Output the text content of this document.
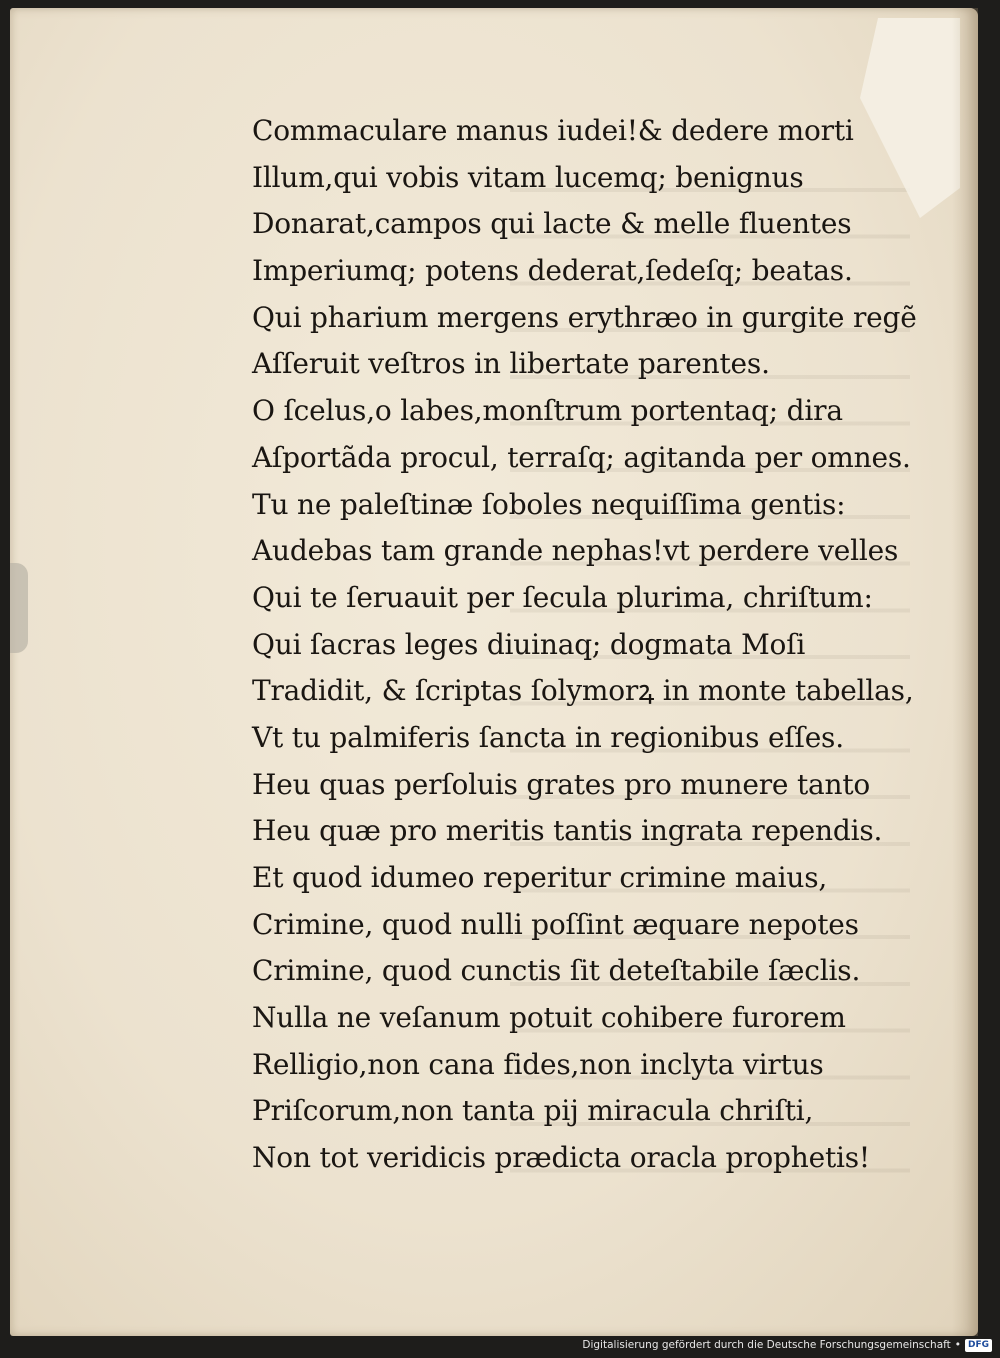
Commaculare manus iudei!& dedere morti
Illum,qui vobis vitam lucemq; benignus
Donarat,campos qui lacte & melle fluentes
Imperiumq; potens dederat,ſedeſq; beatas.
Qui pharium mergens erythræo in gurgite regẽ
Aſſeruit veſtros in libertate parentes.
O ſcelus,o labes,monſtrum portentaq; dira
Aſportãda procul, terraſq; agitanda per omnes.
Tu ne paleſtinæ ſoboles nequiſſima gentis:
Audebas tam grande nephas!vt perdere velles
Qui te ſeruauit per ſecula plurima, chriſtum:
Qui ſacras leges diuinaq; dogmata Moſi
Tradidit, & ſcriptas ſolymorꝝ in monte tabellas,
Vt tu palmiferis ſancta in regionibus eſſes.
Heu quas perſoluis grates pro munere tanto
Heu quæ pro meritis tantis ingrata rependis.
Et quod idumeo reperitur crimine maius,
Crimine, quod nulli poſſint æquare nepotes
Crimine, quod cunctis ſit deteſtabile ſæclis.
Nulla ne veſanum potuit cohibere furorem
Relligio,non cana fides,non inclyta virtus
Priſcorum,non tanta pij miracula chriſti,
Non tot veridicis prædicta oracla prophetis!
Digitalisierung gefördert durch die Deutsche Forschungsgemeinschaft • DFG
